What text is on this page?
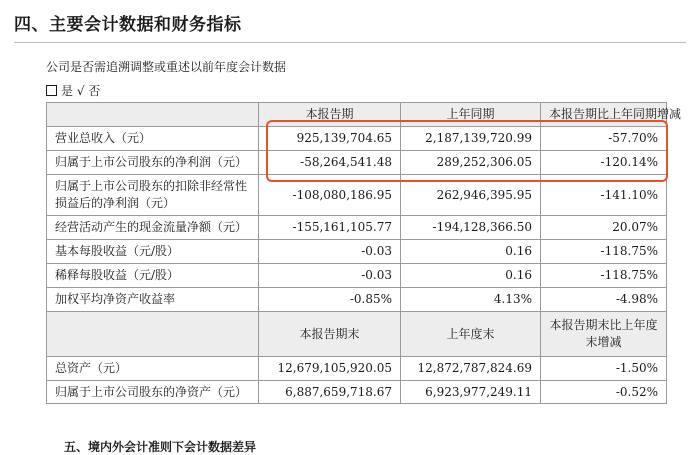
四、主要会计数据和财务指标
公司是否需追溯调整或重述以前年度会计数据
是 √ 否
	本报告期	上年同期	本报告期比上年同期增减
营业总收入（元）	925,139,704.65	2,187,139,720.99	-57.70%
归属于上市公司股东的净利润（元）	-58,264,541.48	289,252,306.05	-120.14%
归属于上市公司股东的扣除非经常性损益后的净利润（元）	-108,080,186.95	262,946,395.95	-141.10%
经营活动产生的现金流量净额（元）	-155,161,105.77	-194,128,366.50	20.07%
基本每股收益（元/股）	-0.03	0.16	-118.75%
稀释每股收益（元/股）	-0.03	0.16	-118.75%
加权平均净资产收益率	-0.85%	4.13%	-4.98%
	本报告期末	上年度末	本报告期末比上年度末增减
总资产（元）	12,679,105,920.05	12,872,787,824.69	-1.50%
归属于上市公司股东的净资产（元）	6,887,659,718.67	6,923,977,249.11	-0.52%
五、境内外会计准则下会计数据差异
